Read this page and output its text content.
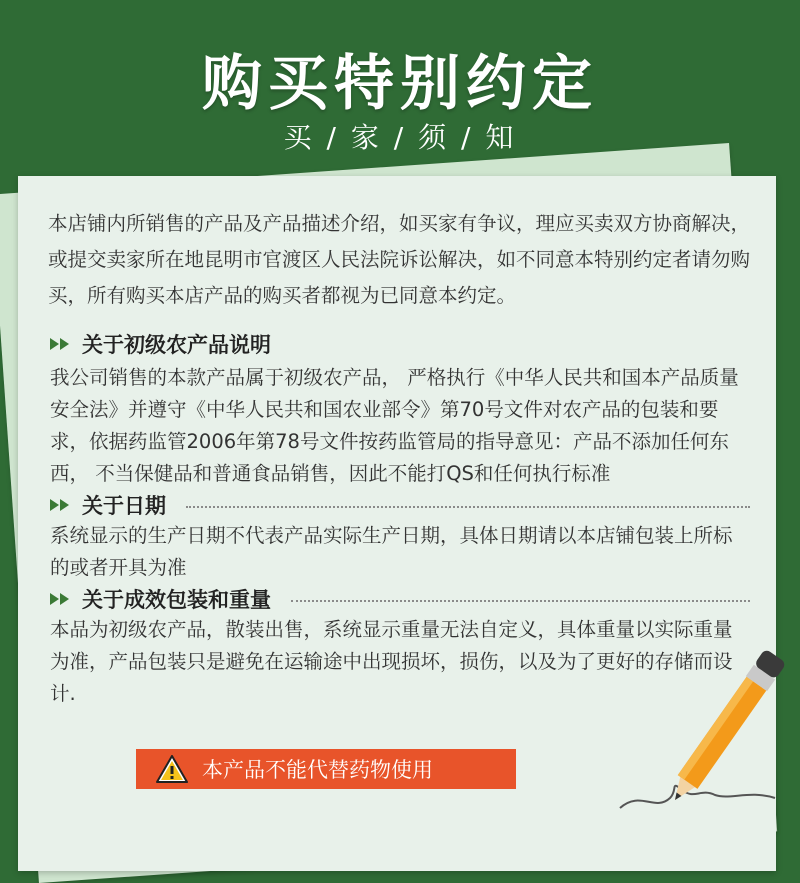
购买特别约定
买 / 家 / 须 / 知
本店铺内所销售的产品及产品描述介绍，如买家有争议，理应买卖双方协商解决，或提交卖家所在地昆明市官渡区人民法院诉讼解决，如不同意本特别约定者请勿购买，所有购买本店产品的购买者都视为已同意本约定。
关于初级农产品说明
我公司销售的本款产品属于初级农产品， 严格执行《中华人民共和国本产品质量安全法》并遵守《中华人民共和国农业部令》第70号文件对农产品的包装和要求，依据药监管2006年第78号文件按药监管局的指导意见：产品不添加任何东西， 不当保健品和普通食品销售，因此不能打QS和任何执行标准
关于日期
系统显示的生产日期不代表产品实际生产日期，具体日期请以本店铺包装上所标的或者开具为准
关于成效包装和重量
本品为初级农产品，散装出售，系统显示重量无法自定义，具体重量以实际重量为准，产品包装只是避免在运输途中出现损坏，损伤，以及为了更好的存储而设计.
本产品不能代替药物使用
